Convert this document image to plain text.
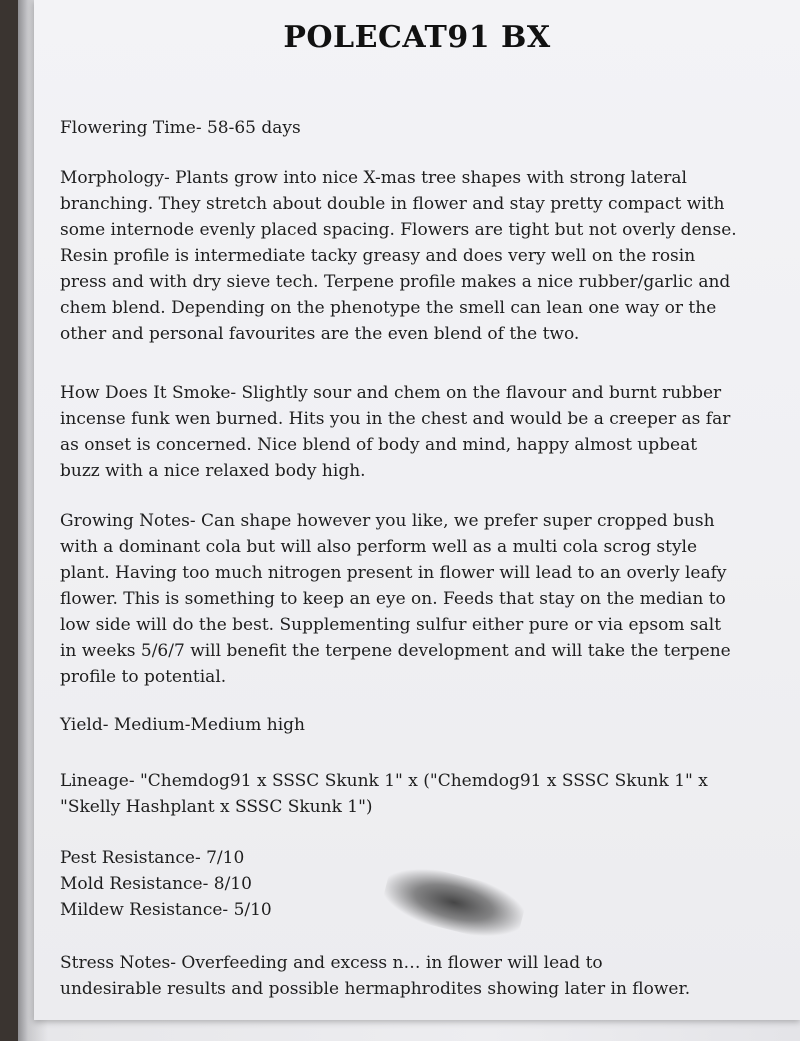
POLECAT91 BX
Flowering Time- 58-65 days
Morphology- Plants grow into nice X-mas tree shapes with strong lateral
branching. They stretch about double in flower and stay pretty compact with
some internode evenly placed spacing. Flowers are tight but not overly dense.
Resin profile is intermediate tacky greasy and does very well on the rosin
press and with dry sieve tech. Terpene profile makes a nice rubber/garlic and
chem blend. Depending on the phenotype the smell can lean one way or the
other and personal favourites are the even blend of the two.
How Does It Smoke- Slightly sour and chem on the flavour and burnt rubber
incense funk wen burned. Hits you in the chest and would be a creeper as far
as onset is concerned. Nice blend of body and mind, happy almost upbeat
buzz with a nice relaxed body high.
Growing Notes- Can shape however you like, we prefer super cropped bush
with a dominant cola but will also perform well as a multi cola scrog style
plant. Having too much nitrogen present in flower will lead to an overly leafy
flower. This is something to keep an eye on. Feeds that stay on the median to
low side will do the best. Supplementing sulfur either pure or via epsom salt
in weeks 5/6/7 will benefit the terpene development and will take the terpene
profile to potential.
Yield- Medium-Medium high
Lineage- "Chemdog91 x SSSC Skunk 1" x ("Chemdog91 x SSSC Skunk 1" x
"Skelly Hashplant x SSSC Skunk 1")
Pest Resistance- 7/10
Mold Resistance- 8/10
Mildew Resistance- 5/10
Stress Notes- Overfeeding and excess n… in flower will lead to
undesirable results and possible hermaphrodites showing later in flower.
